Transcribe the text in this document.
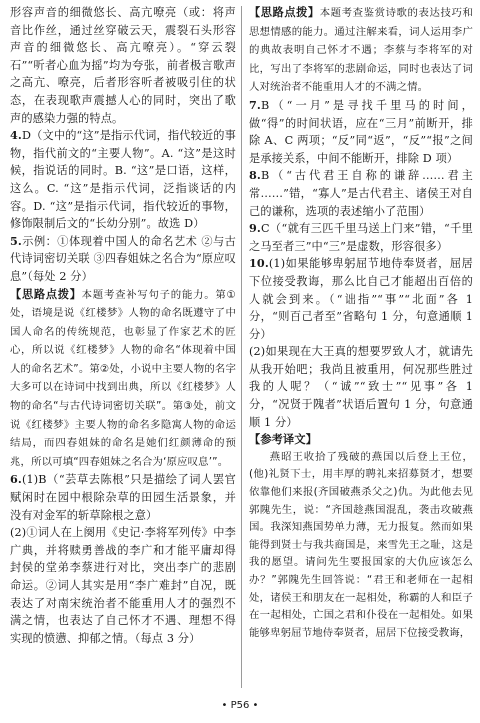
形容声音的细微悠长、高亢嘹亮（或：将声音比作丝，通过丝穿破云天，震裂石头形容声音的细微悠长、高亢嘹亮）。“穿云裂石”“听者心血为摇”均为夸张，前者极言歌声之高亢、嘹亮，后者形容听者被吸引住的状态，在表现歌声震撼人心的同时，突出了歌声的感染力强的特点。

4.D（文中的“这”是指示代词，指代较近的事物，指代前文的“主要人物”。A. “这”是这时候，指说话的同时。B. “这”是口语，这样，这么。C. “这”是指示代词，泛指谈话的内容。D. “这”是指示代词，指代较近的事物，修饰限制后文的“长幼分别”。故选 D）

5.示例：①体现着中国人的命名艺术 ②与古代诗词密切关联 ③四春姐妹之名合为“原应叹息”（每处 2 分）

【思路点拨】本题考查补写句子的能力。第①处，语境是说《红楼梦》人物的命名既遵守了中国人命名的传统规范，也彰显了作家艺术的匠心，所以说《红楼梦》人物的命名“体现着中国人的命名艺术”。第②处，小说中主要人物的名字大多可以在诗词中找到出典，所以《红楼梦》人物的命名“与古代诗词密切关联”。第③处，前文说《红楼梦》主要人物的命名多隐寓人物的命运结局，而四春姐妹的命名是她们红颜薄命的预兆，所以可填“四春姐妹之名合为‘原应叹息’”。

6.(1)B（“芸草去陈根”只是描绘了词人罢官赋闲时在园中根除杂草的田园生活景象，并没有对金军的斩草除根之意）

(2)①词人在上阕用《史记·李将军列传》中李广典，并将赎勇善战的李广和才能平庸却得封侯的堂弟李蔡进行对比，突出李广的悲剧命运。②词人其实是用“李广难封”自况，既表达了对南宋统治者不能重用人才的强烈不满之情，也表达了自己怀才不遇、理想不得实现的愤懑、抑郁之情。（每点 3 分）

【思路点拨】本题考查鉴赏诗歌的表达技巧和思想情感的能力。通过注解来看，词人运用李广的典故表明自己怀才不遇；李蔡与李将军的对比，写出了李将军的悲剧命运，同时也表达了词人对统治者不能重用人才的不满之情。

7.B（“一月”是寻找千里马的时间，做“得”的时间状语，应在“三月”前断开，排除 A、C 两项；“反”同“返”，“反”“报”之间是承接关系，中间不能断开，排除 D 项）

8.B（“古代君王自称的谦辞……君主常……”错，“寡人”是古代君主、诸侯王对自己的谦称，选项的表述缩小了范围）

9.C（“就有三匹千里马送上门来”错，“千里之马至者三”中“三”是虚数，形容很多）

10.(1)如果能够卑躬屈节地侍奉贤者，屈居下位接受教诲，那么比自己才能超出百倍的人就会到来。（“诎指”“事”“北面”各 1 分，“则百己者至”省略句 1 分，句意通顺 1 分）

(2)如果现在大王真的想要罗致人才，就请先从我开始吧；我尚且被重用，何况那些胜过我的人呢？（“诚”“致士”“见事”各 1 分，“况贤于隗者”状语后置句 1 分，句意通顺 1 分）

【参考译文】

燕昭王收拾了残破的燕国以后登上王位，(他)礼贤下士，用丰厚的聘礼来招募贤才，想要依靠他们来报(齐国破燕杀父之)仇。为此他去见郭隗先生，说：“齐国趁燕国混乱，袭击攻破燕国。我深知燕国势单力薄，无力报复。然而如果能得到贤士与我共商国是，来雪先王之耻，这是我的愿望。请问先生要报国家的大仇应该怎么办？”郭隗先生回答说：“君王和老师在一起相处，诸侯王和朋友在一起相处，称霸的人和臣子在一起相处，亡国之君和仆役在一起相处。如果能够卑躬屈节地侍奉贤者，屈居下位接受教诲，

• P56 •
